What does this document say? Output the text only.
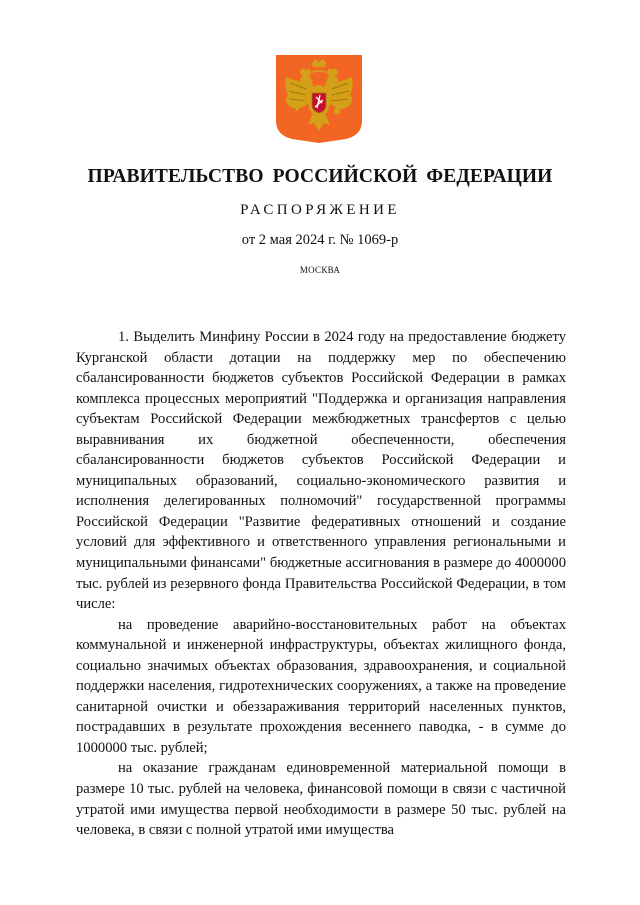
ПРАВИТЕЛЬСТВО РОССИЙСКОЙ ФЕДЕРАЦИИ
РАСПОРЯЖЕНИЕ
от 2 мая 2024 г. № 1069-р
МОСКВА

1. Выделить Минфину России в 2024 году на предоставление бюджету Курганской области дотации на поддержку мер по обеспечению сбалансированности бюджетов субъектов Российской Федерации в рамках комплекса процессных мероприятий "Поддержка и организация направления субъектам Российской Федерации межбюджетных трансфертов с целью выравнивания их бюджетной обеспеченности, обеспечения сбалансированности бюджетов субъектов Российской Федерации и муниципальных образований, социально-экономического развития и исполнения делегированных полномочий" государственной программы Российской Федерации "Развитие федеративных отношений и создание условий для эффективного и ответственного управления региональными и муниципальными финансами" бюджетные ассигнования в размере до 4000000 тыс. рублей из резервного фонда Правительства Российской Федерации, в том числе:

на проведение аварийно-восстановительных работ на объектах коммунальной и инженерной инфраструктуры, объектах жилищного фонда, социально значимых объектах образования, здравоохранения, и социальной поддержки населения, гидротехнических сооружениях, а также на проведение санитарной очистки и обеззараживания территорий населенных пунктов, пострадавших в результате прохождения весеннего паводка, - в сумме до 1000000 тыс. рублей;

на оказание гражданам единовременной материальной помощи в размере 10 тыс. рублей на человека, финансовой помощи в связи с частичной утратой ими имущества первой необходимости в размере 50 тыс. рублей на человека, в связи с полной утратой ими имущества
